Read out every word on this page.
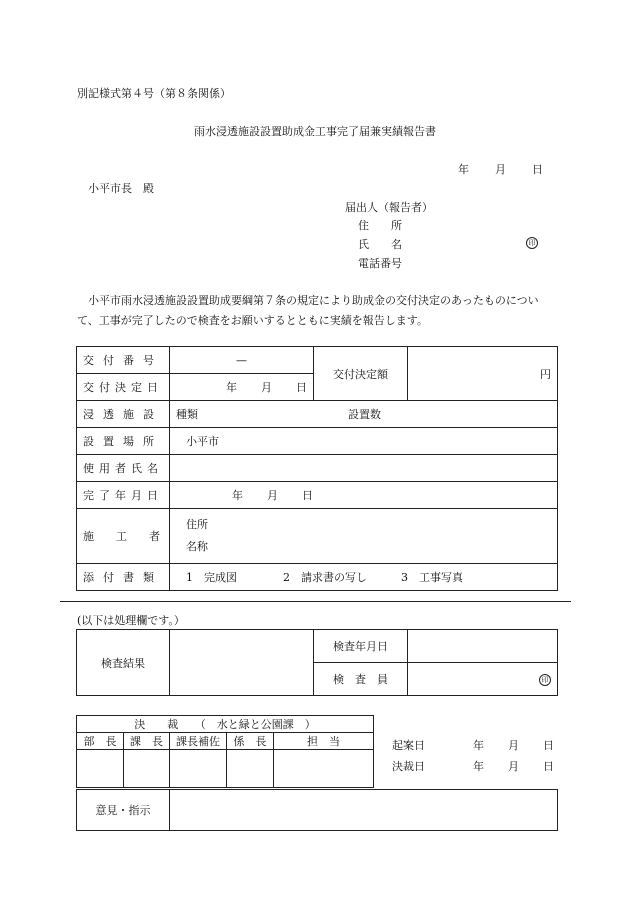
別記様式第４号（第８条関係）
雨水浸透施設設置助成金工事完了届兼実績報告書
年 月 日
小平市長　殿
届出人（報告者）
住　　所
氏　　名	印
電話番号
小平市雨水浸透施設設置助成要綱第７条の規定により助成金の交付決定のあったものについ
て、工事が完了したので検査をお願いするとともに実績を報告します。
交付番号	—	交付決定額	円
交付決定日	年 月 日		
浸透施設	種類 設置数		
設置場所	小平市		
使用者氏名			
完了年月日	年 月 日		
施工者	住所
名称		
添付書類	1　完成図 2　請求書の写し 3　工事写真		
(以下は処理欄です。）
検査結果		検査年月日	
		検　査　員	印
決　　裁　　（　水と緑と公園課　）				
部　長	課　長	課長補佐	係　長	担　当
					起案日	年 月 日
決裁日	年 月 日
意見・指示	
